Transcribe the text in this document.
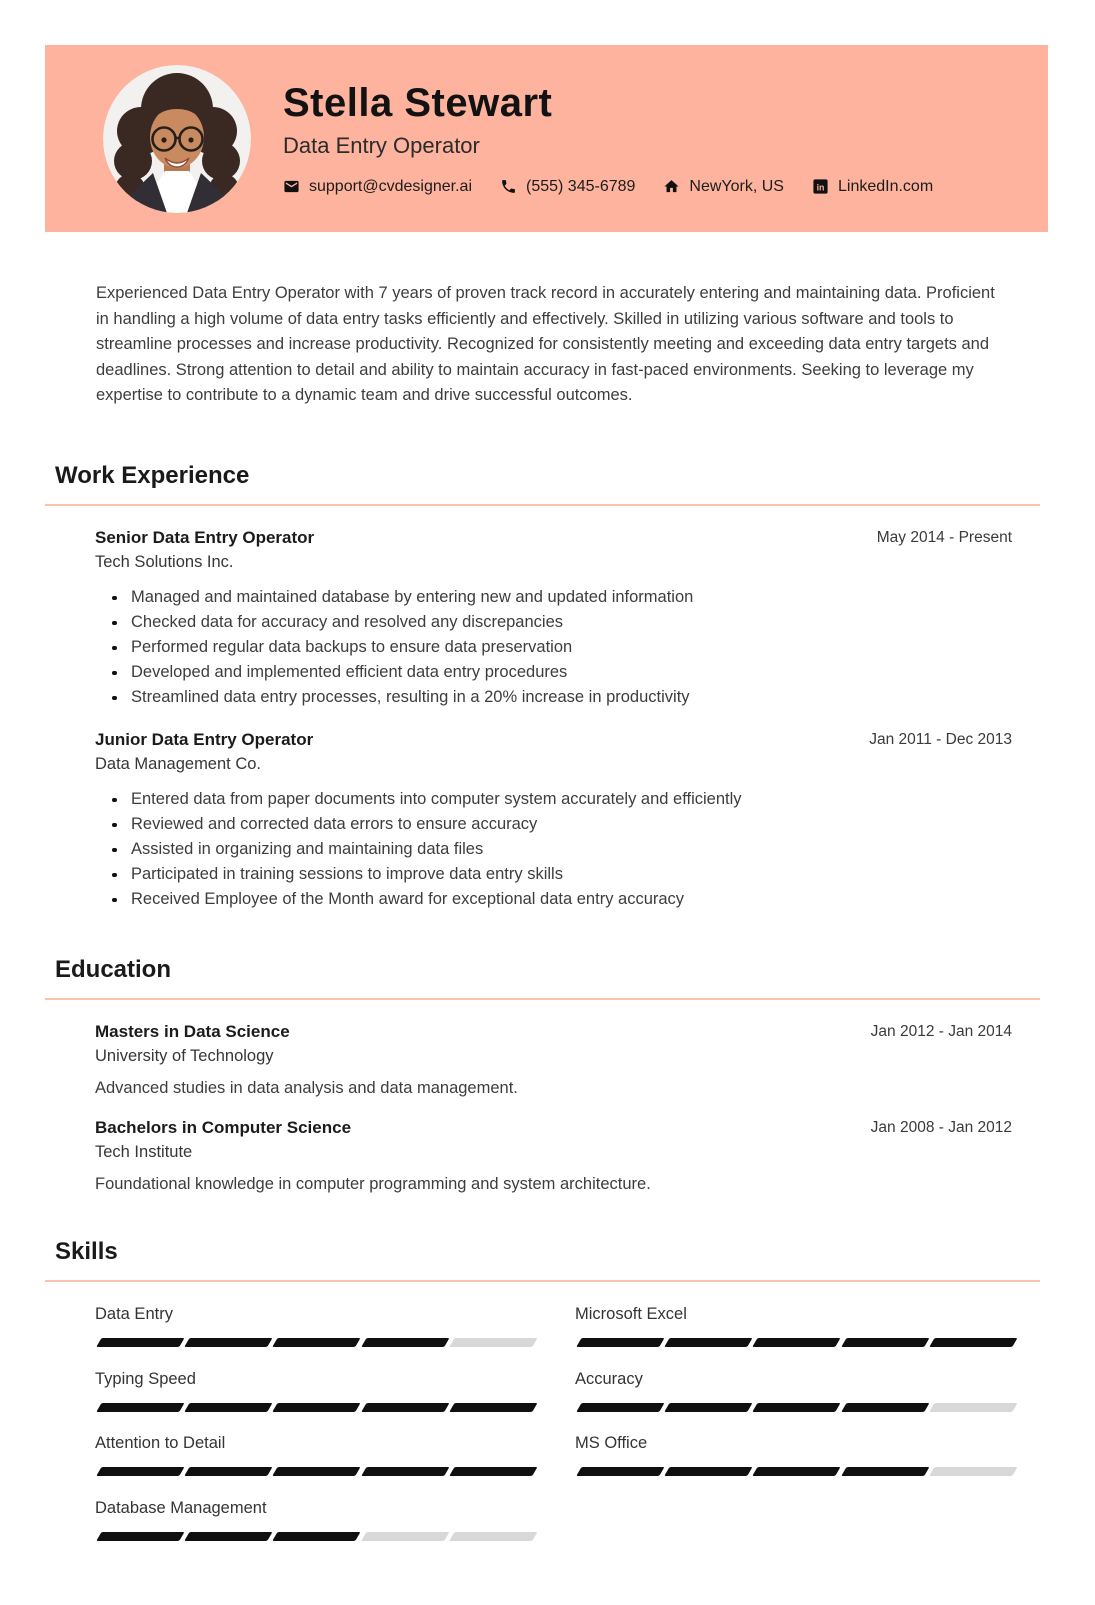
Stella Stewart
Data Entry Operator
support@cvdesigner.ai	(555) 345-6789	NewYork, US	in LinkedIn.com

Experienced Data Entry Operator with 7 years of proven track record in accurately entering and maintaining data. Proficient in handling a high volume of data entry tasks efficiently and effectively. Skilled in utilizing various software and tools to streamline processes and increase productivity. Recognized for consistently meeting and exceeding data entry targets and deadlines. Strong attention to detail and ability to maintain accuracy in fast-paced environments. Seeking to leverage my expertise to contribute to a dynamic team and drive successful outcomes.

Work Experience
Senior Data Entry Operator	May 2014 - Present
Tech Solutions Inc.
Managed and maintained database by entering new and updated information
Checked data for accuracy and resolved any discrepancies
Performed regular data backups to ensure data preservation
Developed and implemented efficient data entry procedures
Streamlined data entry processes, resulting in a 20% increase in productivity
Junior Data Entry Operator	Jan 2011 - Dec 2013
Data Management Co.
Entered data from paper documents into computer system accurately and efficiently
Reviewed and corrected data errors to ensure accuracy
Assisted in organizing and maintaining data files
Participated in training sessions to improve data entry skills
Received Employee of the Month award for exceptional data entry accuracy
Education
Masters in Data Science	Jan 2012 - Jan 2014
University of Technology
Advanced studies in data analysis and data management.
Bachelors in Computer Science	Jan 2008 - Jan 2012
Tech Institute
Foundational knowledge in computer programming and system architecture.
Skills
Data Entry
Typing Speed
Attention to Detail
Database Management
Microsoft Excel
Accuracy
MS Office
